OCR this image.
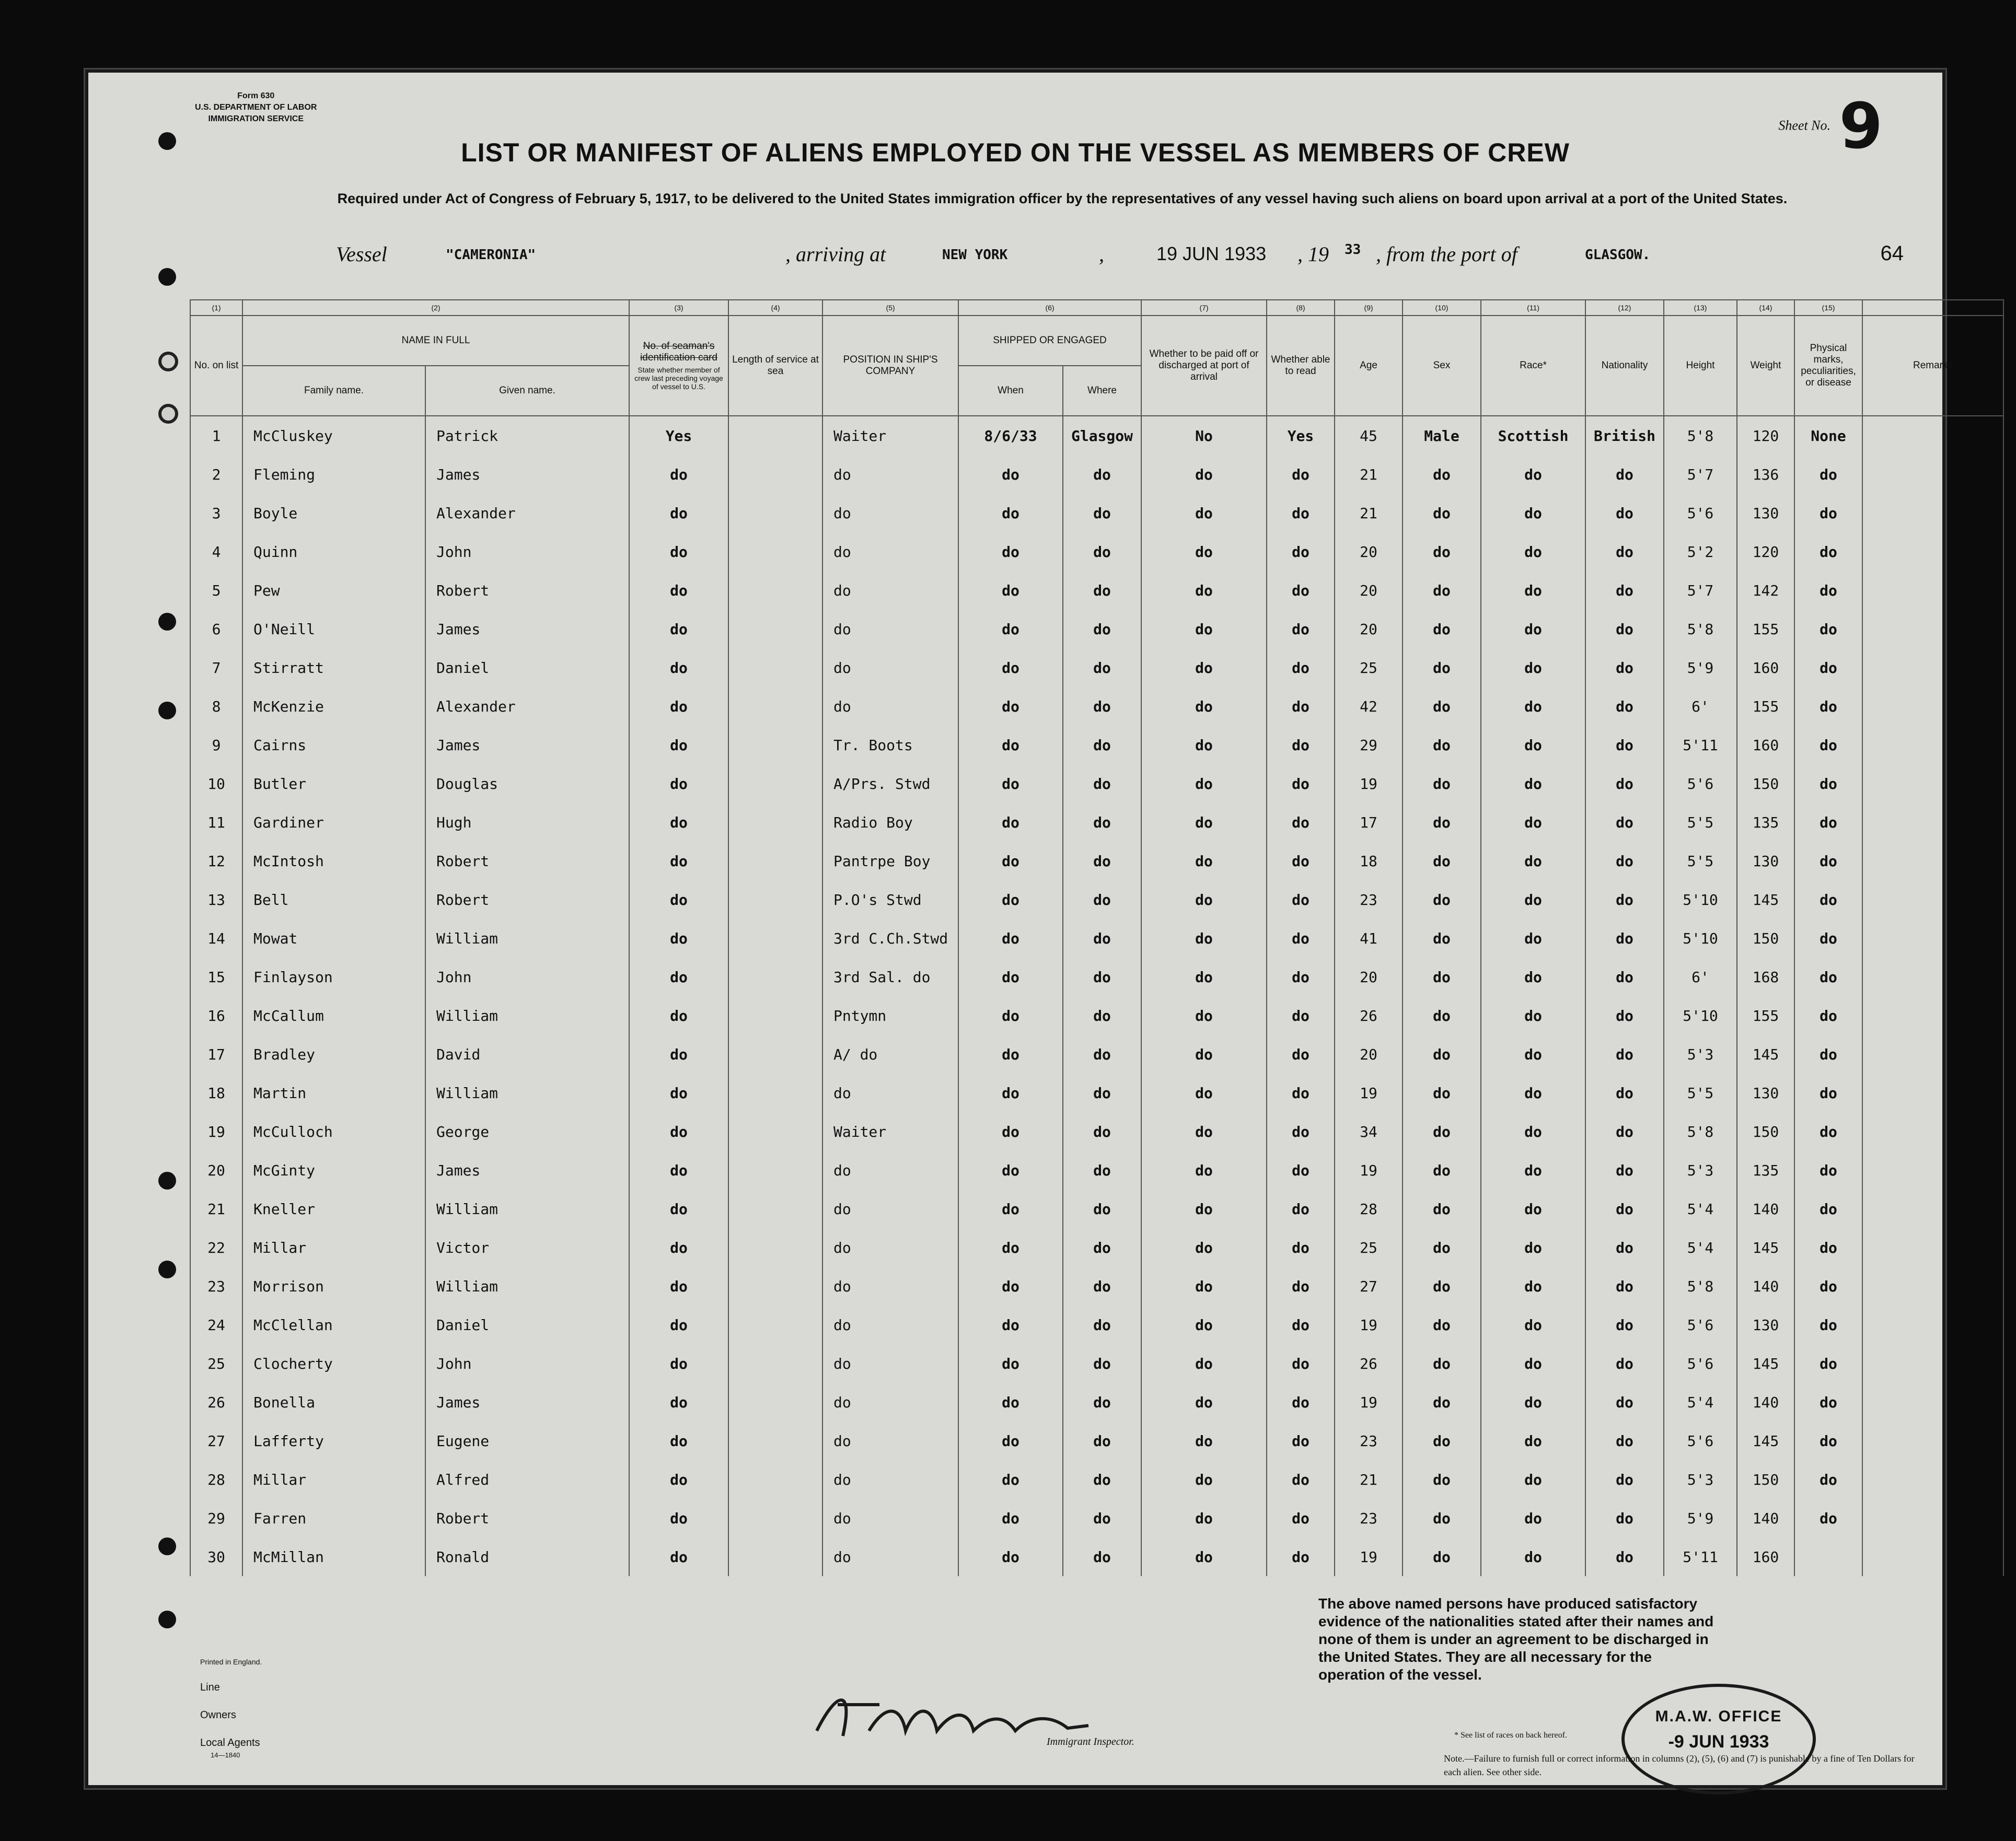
Form 630
U.S. DEPARTMENT OF LABOR
IMMIGRATION SERVICE	Sheet No. 9
LIST OR MANIFEST OF ALIENS EMPLOYED ON THE VESSEL AS MEMBERS OF CREW
Required under Act of Congress of February 5, 1917, to be delivered to the United States immigration officer by the representatives of any vessel having such aliens on board upon arrival at a port of the United States.
Vessel	"CAMERONIA"	, arriving at	NEW YORK	,	19 JUN 1933 , 19 33 , from the port of	GLASGOW.	64
(1)	(2)		(3)	(4)	(5)	(6)		(7)	(8)	(9)	(10)	(11)	(12)	(13)	(14)	(15)	
No. on list	NAME IN FULL		No. of seaman's identification card
State whether member of crew last preceding voyage of vessel to U.S.	Length of service at sea	POSITION IN SHIP'S COMPANY	SHIPPED OR ENGAGED		Whether to be paid off or discharged at port of arrival	Whether able to read	Age	Sex	Race*	Nationality	Height	Weight	Physical marks, peculiarities, or disease	Remarks
	Family name.	Given name.				When	Where										
1	McCluskey	Patrick	Yes		Waiter	8/6/33	Glasgow	No	Yes	45	Male	Scottish	British	5'8	120	None	
2	Fleming	James	do		do	do	do	do	do	21	do	do	do	5'7	136	do	
3	Boyle	Alexander	do		do	do	do	do	do	21	do	do	do	5'6	130	do	
4	Quinn	John	do		do	do	do	do	do	20	do	do	do	5'2	120	do	
5	Pew	Robert	do		do	do	do	do	do	20	do	do	do	5'7	142	do	
6	O'Neill	James	do		do	do	do	do	do	20	do	do	do	5'8	155	do	
7	Stirratt	Daniel	do		do	do	do	do	do	25	do	do	do	5'9	160	do	
8	McKenzie	Alexander	do		do	do	do	do	do	42	do	do	do	6'	155	do	
9	Cairns	James	do		Tr. Boots	do	do	do	do	29	do	do	do	5'11	160	do	
10	Butler	Douglas	do		A/Prs. Stwd	do	do	do	do	19	do	do	do	5'6	150	do	
11	Gardiner	Hugh	do		Radio Boy	do	do	do	do	17	do	do	do	5'5	135	do	
12	McIntosh	Robert	do		Pantrpe Boy	do	do	do	do	18	do	do	do	5'5	130	do	
13	Bell	Robert	do		P.O's Stwd	do	do	do	do	23	do	do	do	5'10	145	do	
14	Mowat	William	do		3rd C.Ch.Stwd	do	do	do	do	41	do	do	do	5'10	150	do	
15	Finlayson	John	do		3rd Sal. do	do	do	do	do	20	do	do	do	6'	168	do	
16	McCallum	William	do		Pntymn	do	do	do	do	26	do	do	do	5'10	155	do	
17	Bradley	David	do		A/ do	do	do	do	do	20	do	do	do	5'3	145	do	
18	Martin	William	do		do	do	do	do	do	19	do	do	do	5'5	130	do	
19	McCulloch	George	do		Waiter	do	do	do	do	34	do	do	do	5'8	150	do	
20	McGinty	James	do		do	do	do	do	do	19	do	do	do	5'3	135	do	
21	Kneller	William	do		do	do	do	do	do	28	do	do	do	5'4	140	do	
22	Millar	Victor	do		do	do	do	do	do	25	do	do	do	5'4	145	do	
23	Morrison	William	do		do	do	do	do	do	27	do	do	do	5'8	140	do	
24	McClellan	Daniel	do		do	do	do	do	do	19	do	do	do	5'6	130	do	
25	Clocherty	John	do		do	do	do	do	do	26	do	do	do	5'6	145	do	
26	Bonella	James	do		do	do	do	do	do	19	do	do	do	5'4	140	do	
27	Lafferty	Eugene	do		do	do	do	do	do	23	do	do	do	5'6	145	do	
28	Millar	Alfred	do		do	do	do	do	do	21	do	do	do	5'3	150	do	
29	Farren	Robert	do		do	do	do	do	do	23	do	do	do	5'9	140	do	
30	McMillan	Ronald	do		do	do	do	do	do	19	do	do	do	5'11	160		
Printed in England.
Line
Owners
Local Agents
14—1840
Immigrant Inspector.
The above named persons have produced satisfactory evidence of the nationalities stated after their names and none of them is under an agreement to be discharged in the United States. They are all necessary for the operation of the vessel.
M.A.W. OFFICE
-9 JUN 1933
* See list of races on back hereof.
Note.—Failure to furnish full or correct information in columns (2), (5), (6) and (7) is punishable by a fine of Ten Dollars for each alien. See other side.
